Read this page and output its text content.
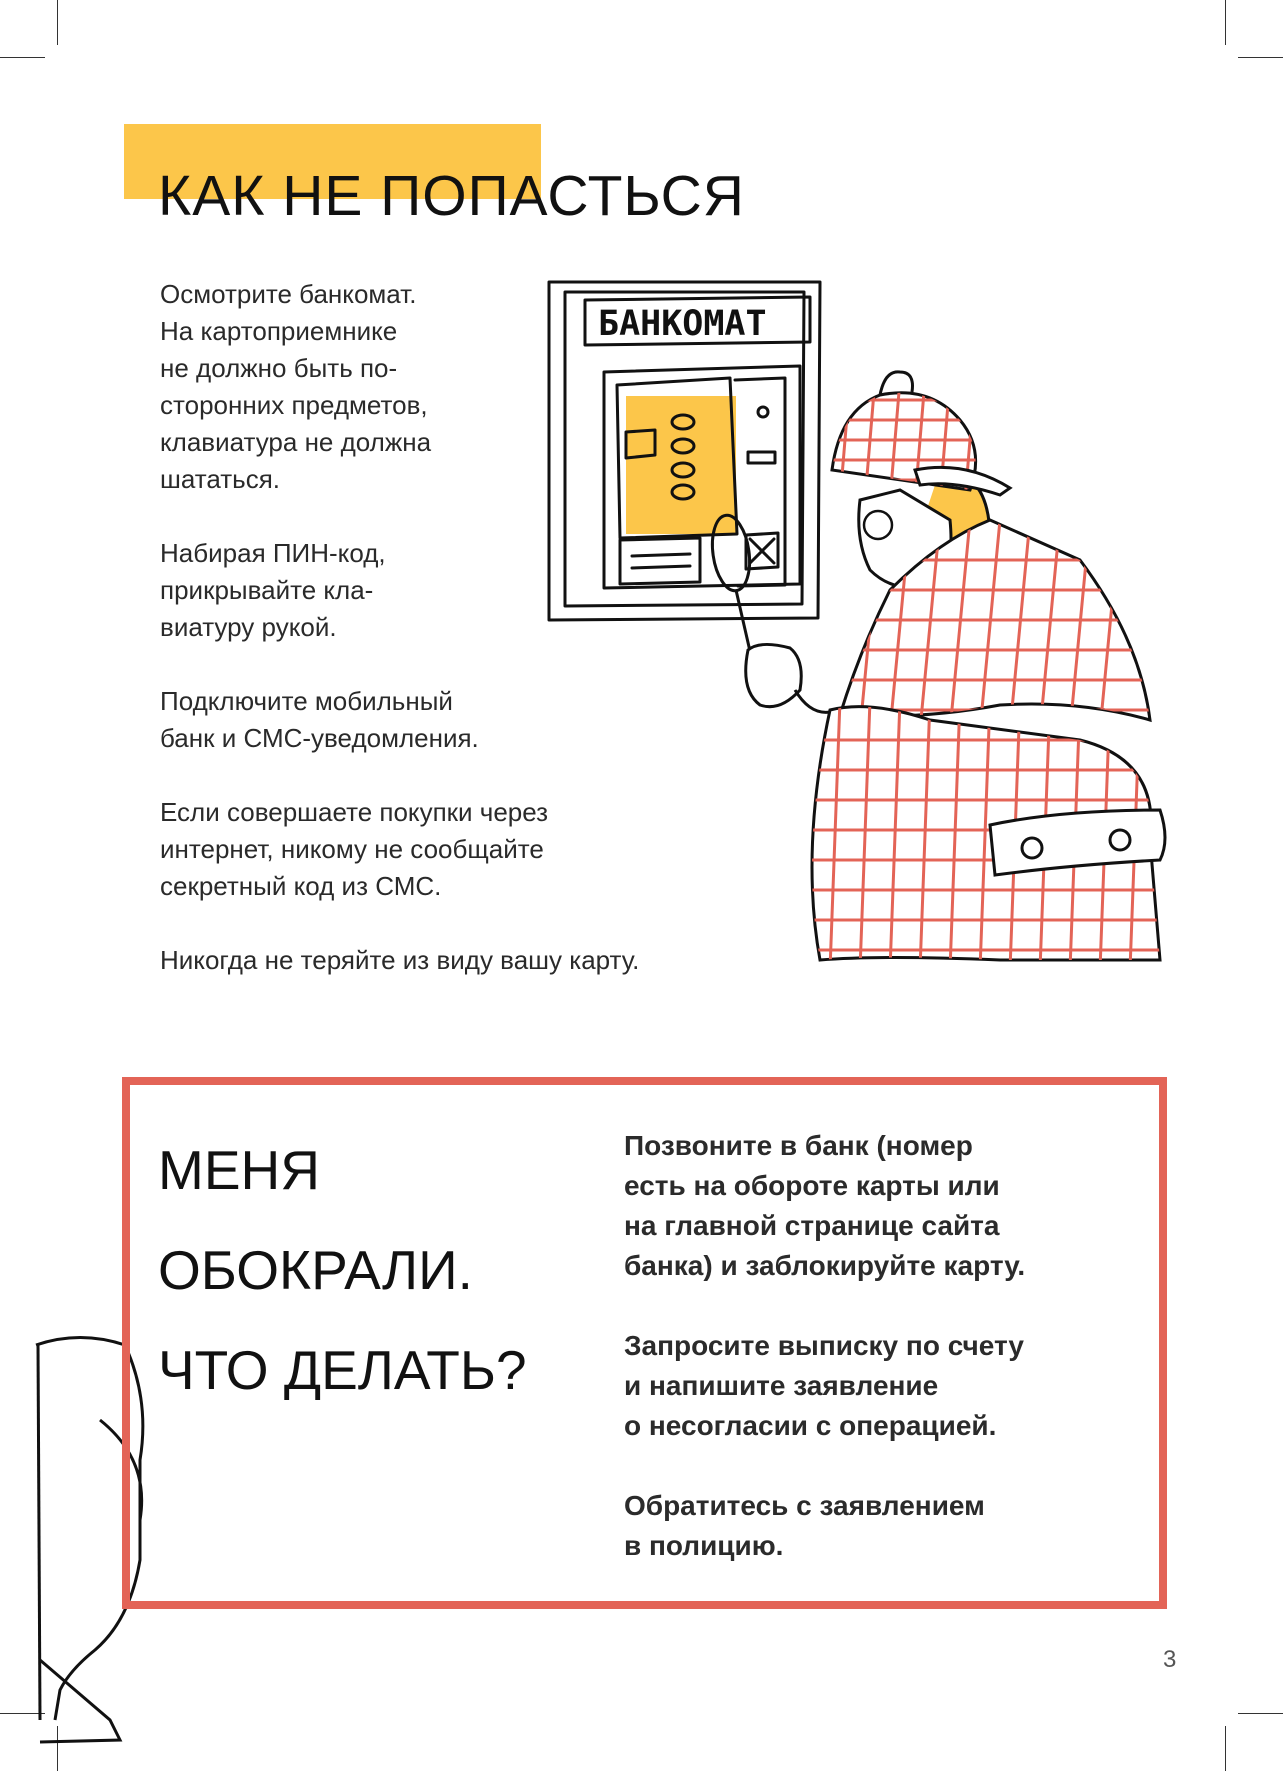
КАК НЕ ПОПАСТЬСЯ

Осмотрите банкомат.
На картоприемнике
не должно быть по-
сторонних предметов,
клавиатура не должна
шататься.

Набирая ПИН-код,
прикрывайте кла-
виатуру рукой.

Подключите мобильный
банк и СМС-уведомления.

Если совершаете покупки через
интернет, никому не сообщайте
секретный код из СМС.

Никогда не теряйте из виду вашу карту.

БАНКОМАТ
МЕНЯ
ОБОКРАЛИ.
ЧТО ДЕЛАТЬ?

Позвоните в банк (номер
есть на обороте карты или
на главной странице сайта
банка) и заблокируйте карту.

Запросите выписку по счету
и напишите заявление
о несогласии с операцией.

Обратитесь с заявлением
в полицию.

3
